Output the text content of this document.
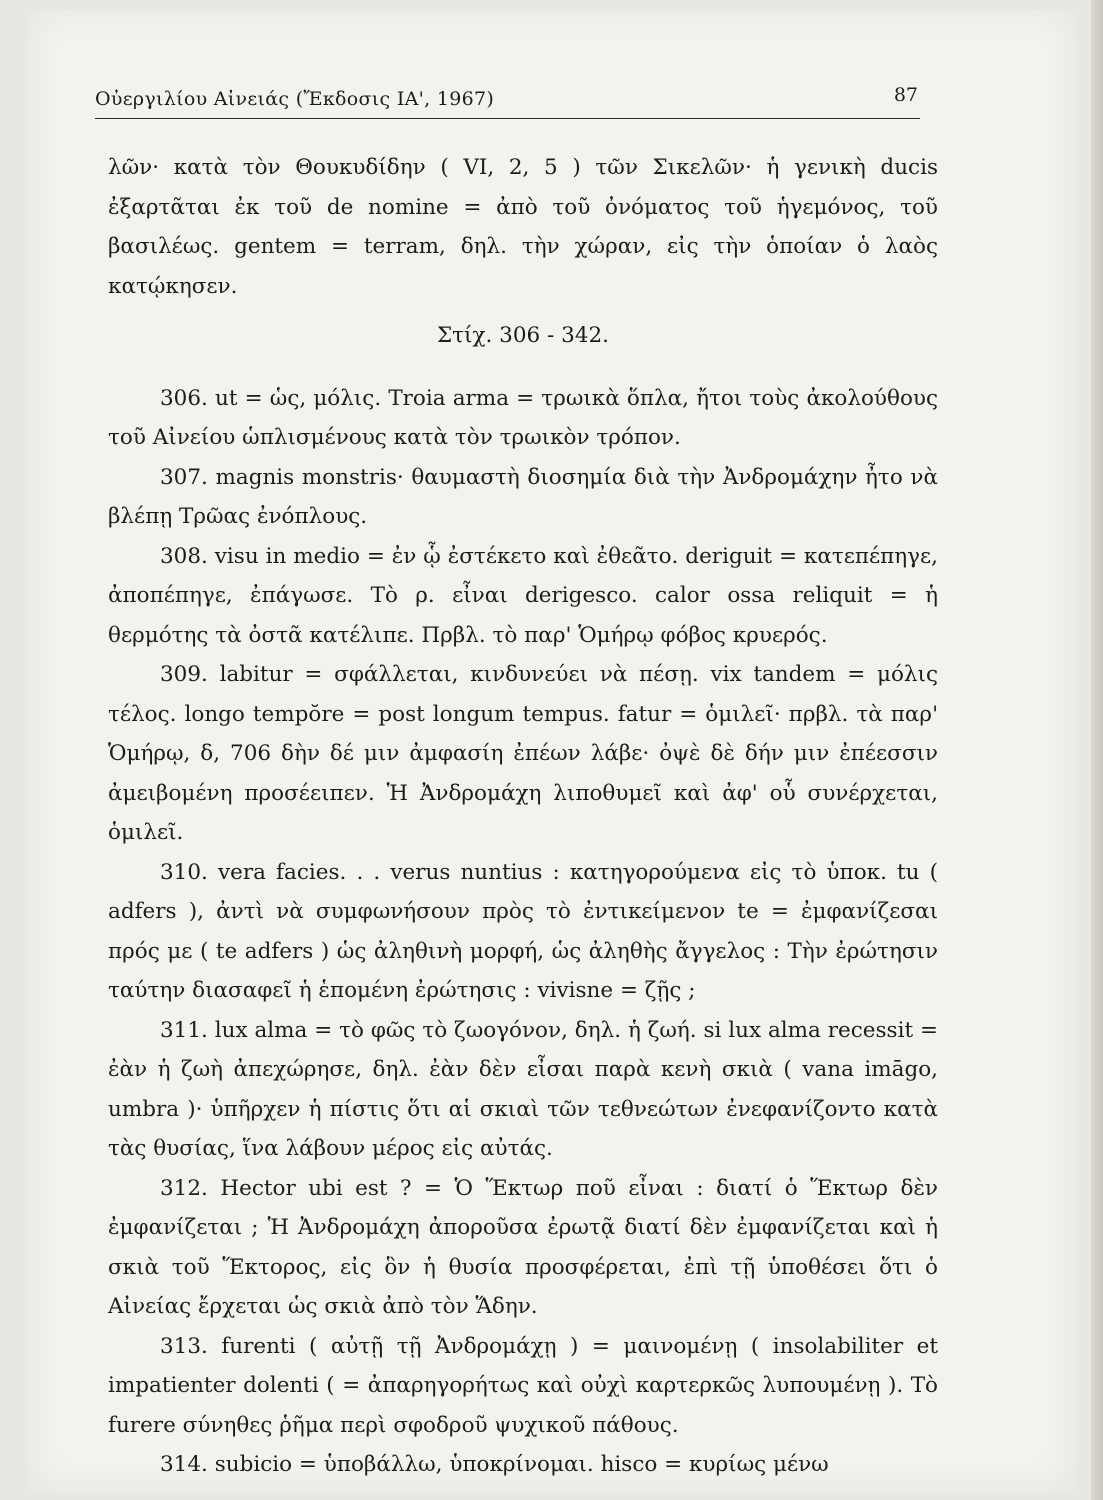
Οὐεργιλίου Αἰνειάς (Ἔκδοσις ΙΑ', 1967)	87

λῶν· κατὰ τὸν Θουκυδίδην ( VI, 2, 5 ) τῶν Σικελῶν· ἡ γενικὴ ducis ἐξαρτᾶται ἐκ τοῦ de nomine = ἀπὸ τοῦ ὀνόματος τοῦ ἡγεμόνος, τοῦ βασιλέως. gentem = terram, δηλ. τὴν χώραν, εἰς τὴν ὁποίαν ὁ λαὸς κατῴκησεν.

Στίχ. 306 - 342.

306. ut = ὡς, μόλις. Troia arma = τρωικὰ ὅπλα, ἤτοι τοὺς ἀκολούθους τοῦ Αἰνείου ὡπλισμένους κατὰ τὸν τρωικὸν τρόπον.

307. magnis monstris· θαυμαστὴ διοσημία διὰ τὴν Ἀνδρομάχην ἦτο νὰ βλέπῃ Τρῶας ἐνόπλους.

308. visu in medio = ἐν ᾧ ἐστέκετο καὶ ἐθεᾶτο. deriguit = κατεπέπηγε, ἀποπέπηγε, ἐπάγωσε. Τὸ ρ. εἶναι derigesco. calor ossa reliquit = ἡ θερμότης τὰ ὀστᾶ κατέλιπε. Πρβλ. τὸ παρ' Ὁμήρῳ φόβος κρυερός.

309. labitur = σφάλλεται, κινδυνεύει νὰ πέσῃ. vix tandem = μόλις τέλος. longo tempŏre = post longum tempus. fatur = ὁμιλεῖ· πρβλ. τὰ παρ' Ὁμήρῳ, δ, 706 δὴν δέ μιν ἀμφασίη ἐπέων λάβε· ὀψὲ δὲ δήν μιν ἐπέεσσιν ἀμειβομένη προσέειπεν. Ἡ Ἀνδρομάχη λιποθυμεῖ καὶ ἀφ' οὗ συνέρχεται, ὁμιλεῖ.

310. vera facies. . . verus nuntius : κατηγορούμενα εἰς τὸ ὑποκ. tu ( adfers ), ἀντὶ νὰ συμφωνήσουν πρὸς τὸ ἐντικείμενον te = ἐμφανίζεσαι πρός με ( te adfers ) ὡς ἀληθινὴ μορφή, ὡς ἀληθὴς ἄγγελος : Τὴν ἐρώτησιν ταύτην διασαφεῖ ἡ ἑπομένη ἐρώτησις : vivisne = ζῇς ;

311. lux alma = τὸ φῶς τὸ ζωογόνον, δηλ. ἡ ζωή. si lux alma recessit = ἐὰν ἡ ζωὴ ἀπεχώρησε, δηλ. ἐὰν δὲν εἶσαι παρὰ κενὴ σκιὰ ( vana imāgo, umbra )· ὑπῆρχεν ἡ πίστις ὅτι αἱ σκιαὶ τῶν τεθνεώτων ἐνεφανίζοντο κατὰ τὰς θυσίας, ἵνα λάβουν μέρος εἰς αὐτάς.

312. Hector ubi est ? = Ὁ Ἕκτωρ ποῦ εἶναι : διατί ὁ Ἕκτωρ δὲν ἐμφανίζεται ; Ἡ Ἀνδρομάχη ἀποροῦσα ἐρωτᾷ διατί δὲν ἐμφανίζεται καὶ ἡ σκιὰ τοῦ Ἕκτορος, εἰς ὃν ἡ θυσία προσφέρεται, ἐπὶ τῇ ὑποθέσει ὅτι ὁ Αἰνείας ἔρχεται ὡς σκιὰ ἀπὸ τὸν Ἅδην.

313. furenti ( αὐτῇ τῇ Ἀνδρομάχῃ ) = μαινομένῃ ( insolabiliter et impatienter dolenti ( = ἀπαρηγορήτως καὶ οὐχὶ καρτερκῶς λυπουμένῃ ). Τὸ furere σύνηθες ῥῆμα περὶ σφοδροῦ ψυχικοῦ πάθους.

314. subicio = ὑποβάλλω, ὑποκρίνομαι. hisco = κυρίως μένω
